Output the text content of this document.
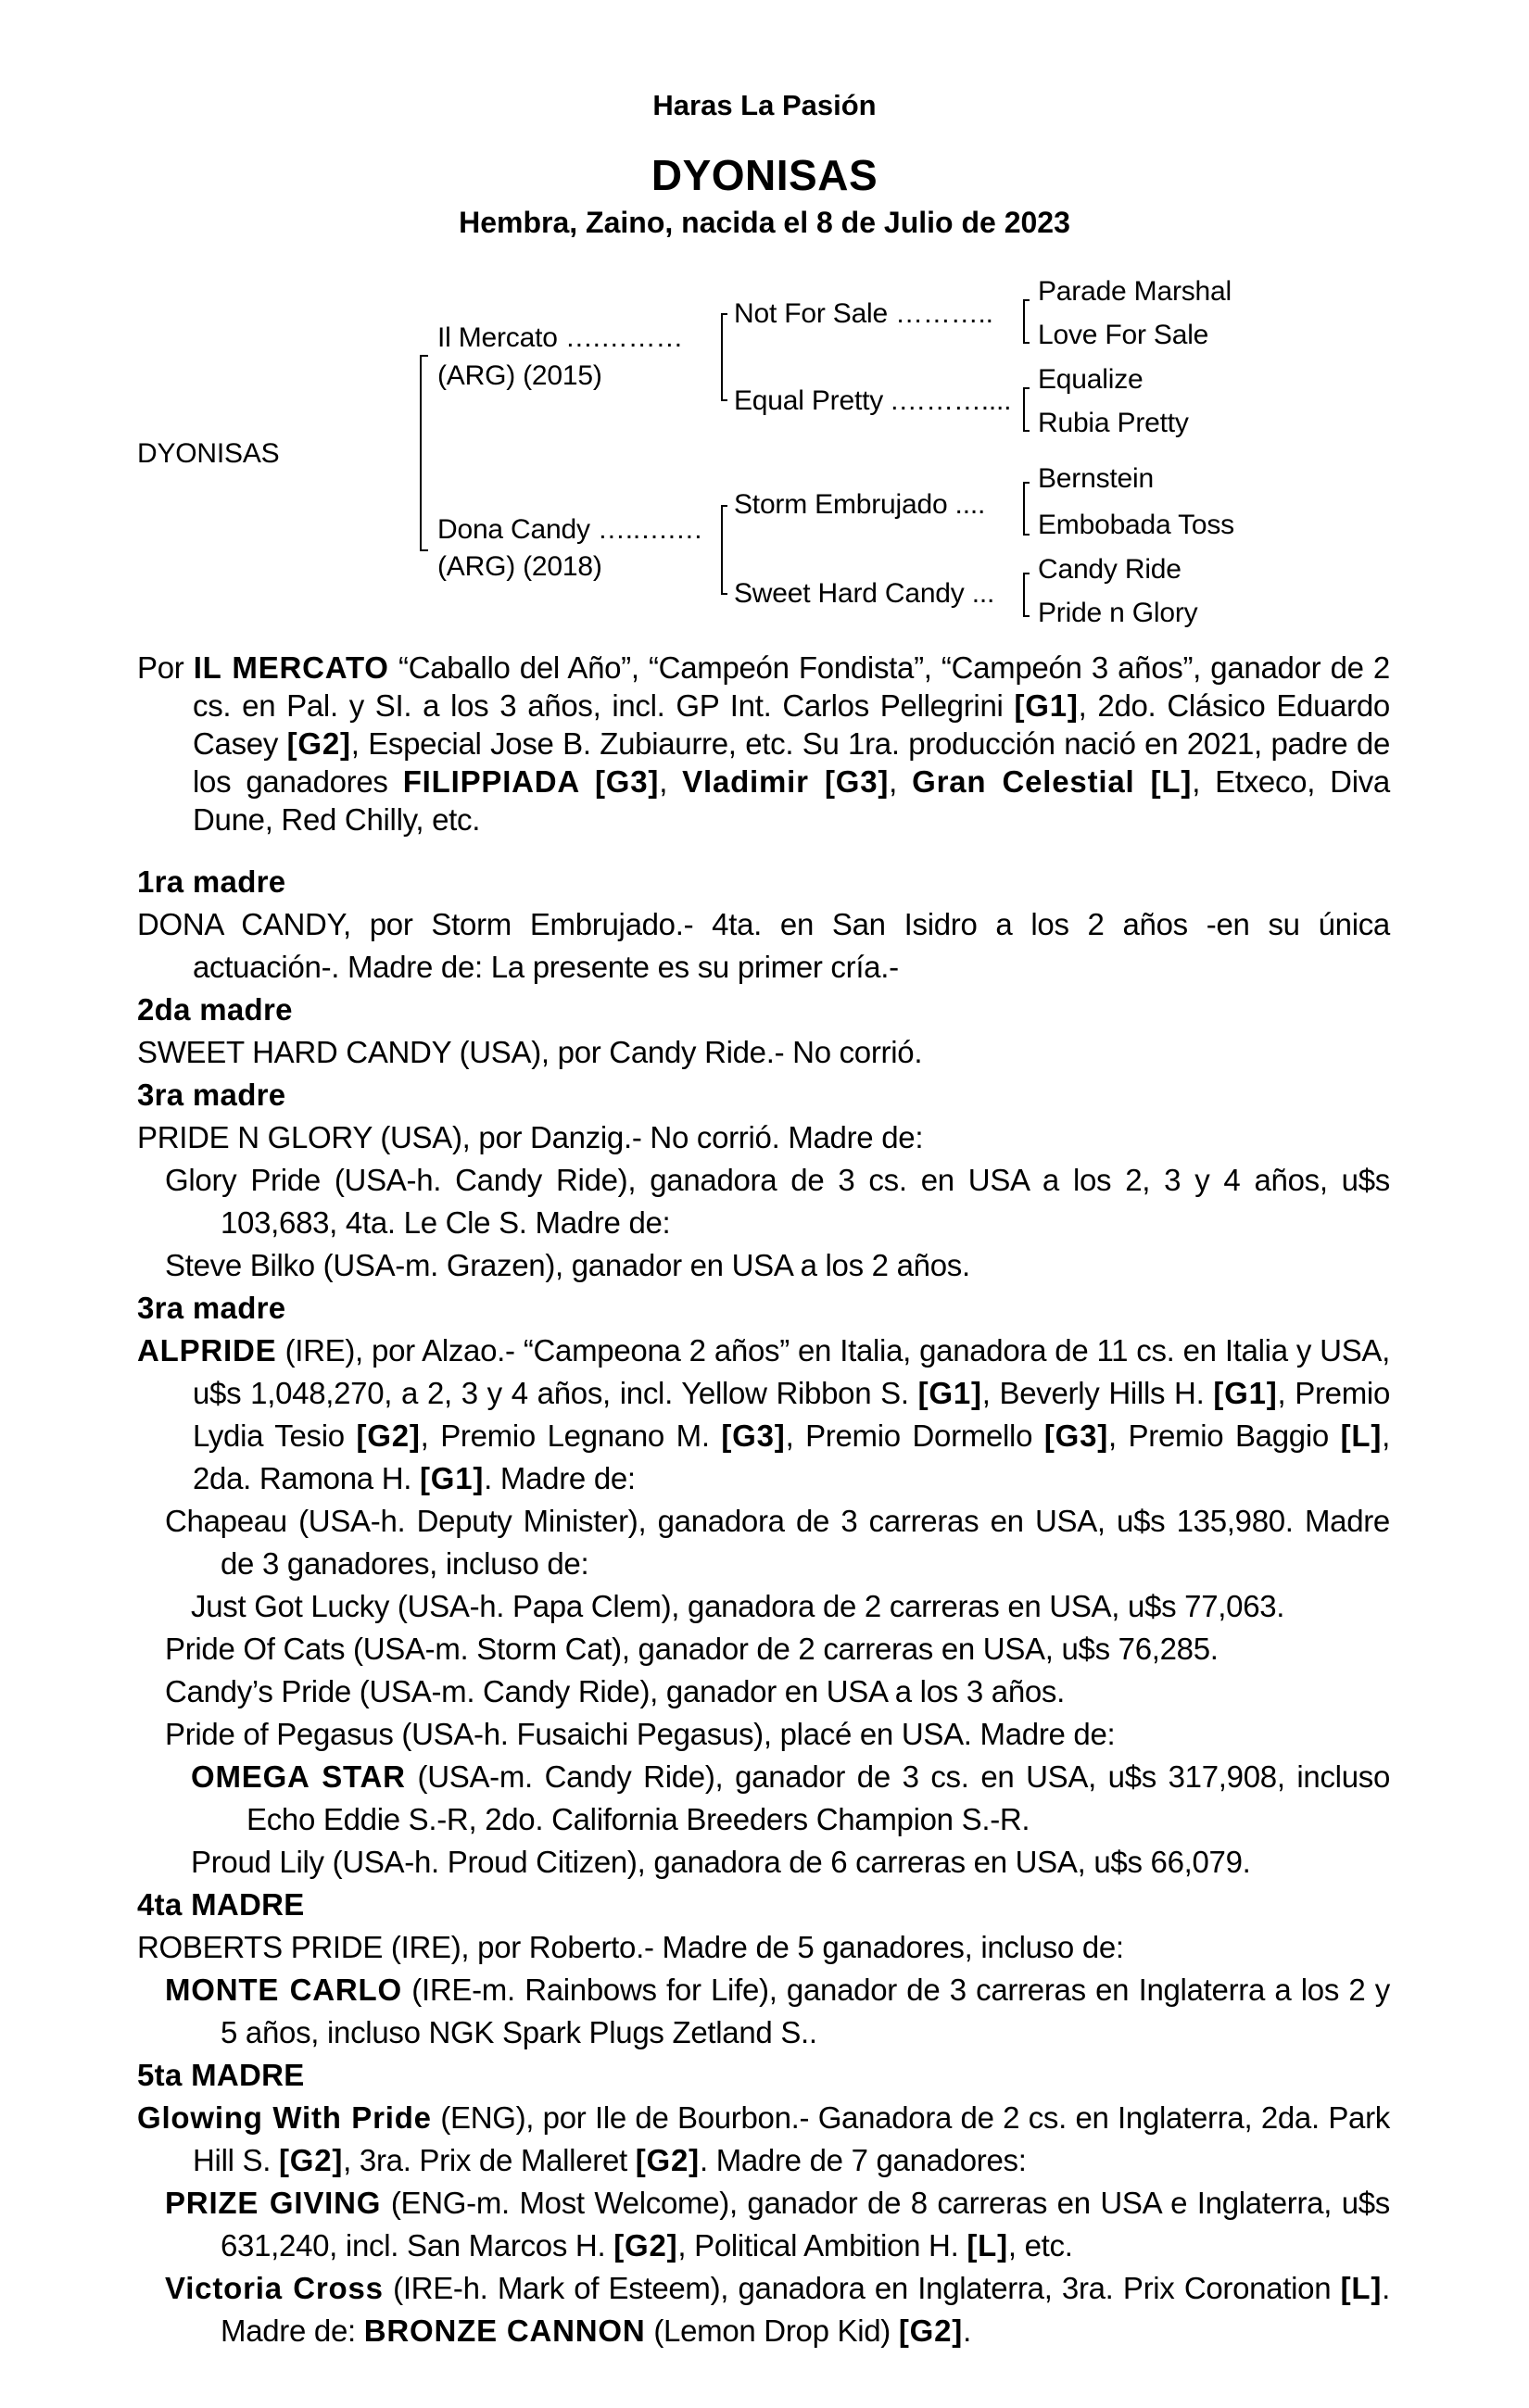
Haras La Pasión
DYONISAS
Hembra, Zaino, nacida el 8 de Julio de 2023
DYONISAS
Il Mercato ….………
(ARG) (2015)
Dona Candy …..….…
(ARG) (2018)
Not For Sale ………..
Equal Pretty .………....
Storm Embrujado ....
Sweet Hard Candy ...
Parade Marshal
Love For Sale
Equalize
Rubia Pretty
Bernstein
Embobada Toss
Candy Ride
Pride n Glory
Por IL MERCATO “Caballo del Año”, “Campeón Fondista”, “Campeón 3 años”, ganador de 2 cs. en Pal. y SI. a los 3 años, incl. GP Int. Carlos Pellegrini [G1], 2do. Clásico Eduardo Casey [G2], Especial Jose B. Zubiaurre, etc. Su 1ra. producción nació en 2021, padre de los ganadores FILIPPIADA [G3], Vladimir [G3], Gran Celestial [L], Etxeco, Diva Dune, Red Chilly, etc.
1ra madre
DONA CANDY, por Storm Embrujado.- 4ta. en San Isidro a los 2 años -en su única actuación-. Madre de: La presente es su primer cría.-
2da madre
SWEET HARD CANDY (USA), por Candy Ride.- No corrió.
3ra madre
PRIDE N GLORY (USA), por Danzig.- No corrió. Madre de:
Glory Pride (USA-h. Candy Ride), ganadora de 3 cs. en USA a los 2, 3 y 4 años, u$s 103,683, 4ta. Le Cle S. Madre de:
Steve Bilko (USA-m. Grazen), ganador en USA a los 2 años.
3ra madre
ALPRIDE (IRE), por Alzao.- “Campeona 2 años” en Italia, ganadora de 11 cs. en Italia y USA, u$s 1,048,270, a 2, 3 y 4 años, incl. Yellow Ribbon S. [G1], Beverly Hills H. [G1], Premio Lydia Tesio [G2], Premio Legnano M. [G3], Premio Dormello [G3], Premio Baggio [L], 2da. Ramona H. [G1]. Madre de:
Chapeau (USA-h. Deputy Minister), ganadora de 3 carreras en USA, u$s 135,980. Madre de 3 ganadores, incluso de:
Just Got Lucky (USA-h. Papa Clem), ganadora de 2 carreras en USA, u$s 77,063.
Pride Of Cats (USA-m. Storm Cat), ganador de 2 carreras en USA, u$s 76,285.
Candy’s Pride (USA-m. Candy Ride), ganador en USA a los 3 años.
Pride of Pegasus (USA-h. Fusaichi Pegasus), placé en USA. Madre de:
OMEGA STAR (USA-m. Candy Ride), ganador de 3 cs. en USA, u$s 317,908, incluso Echo Eddie S.-R, 2do. California Breeders Champion S.-R.
Proud Lily (USA-h. Proud Citizen), ganadora de 6 carreras en USA, u$s 66,079.
4ta MADRE
ROBERTS PRIDE (IRE), por Roberto.- Madre de 5 ganadores, incluso de:
MONTE CARLO (IRE-m. Rainbows for Life), ganador de 3 carreras en Inglaterra a los 2 y 5 años, incluso NGK Spark Plugs Zetland S..
5ta MADRE
Glowing With Pride (ENG), por Ile de Bourbon.- Ganadora de 2 cs. en Inglaterra, 2da. Park Hill S. [G2], 3ra. Prix de Malleret [G2]. Madre de 7 ganadores:
PRIZE GIVING (ENG-m. Most Welcome), ganador de 8 carreras en USA e Inglaterra, u$s 631,240, incl. San Marcos H. [G2], Political Ambition H. [L], etc.
Victoria Cross (IRE-h. Mark of Esteem), ganadora en Inglaterra, 3ra. Prix Coronation [L]. Madre de: BRONZE CANNON (Lemon Drop Kid) [G2].
